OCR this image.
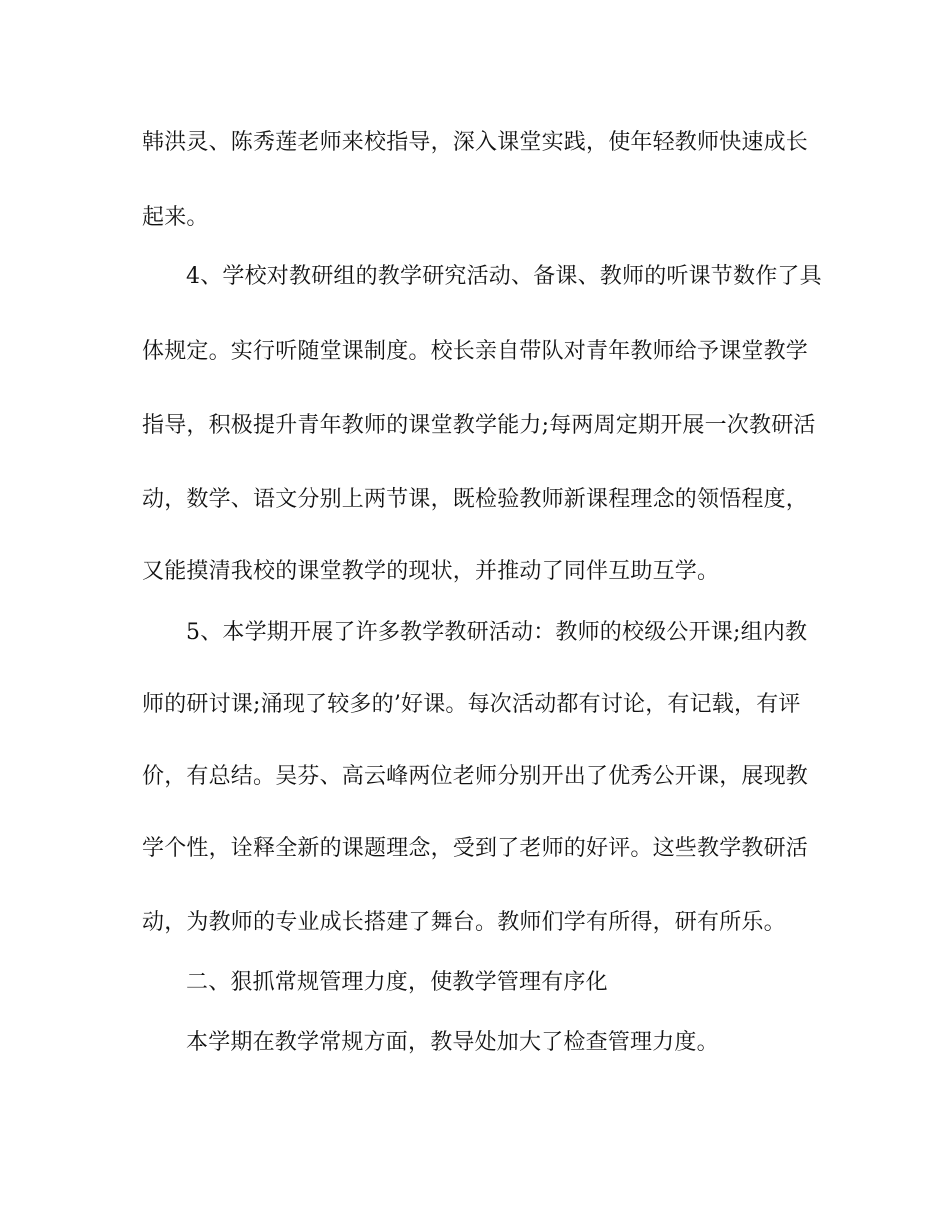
韩洪灵、陈秀莲老师来校指导，深入课堂实践，使年轻教师快速成长
起来。
4、学校对教研组的教学研究活动、备课、教师的听课节数作了具
体规定。实行听随堂课制度。校长亲自带队对青年教师给予课堂教学
指导，积极提升青年教师的课堂教学能力;每两周定期开展一次教研活
动，数学、语文分别上两节课，既检验教师新课程理念的领悟程度，
又能摸清我校的课堂教学的现状，并推动了同伴互助互学。
5、本学期开展了许多教学教研活动：教师的校级公开课;组内教
师的研讨课;涌现了较多的’好课。每次活动都有讨论，有记载，有评
价，有总结。吴芬、高云峰两位老师分别开出了优秀公开课，展现教
学个性，诠释全新的课题理念，受到了老师的好评。这些教学教研活
动，为教师的专业成长搭建了舞台。教师们学有所得，研有所乐。
二、狠抓常规管理力度，使教学管理有序化
本学期在教学常规方面，教导处加大了检查管理力度。
